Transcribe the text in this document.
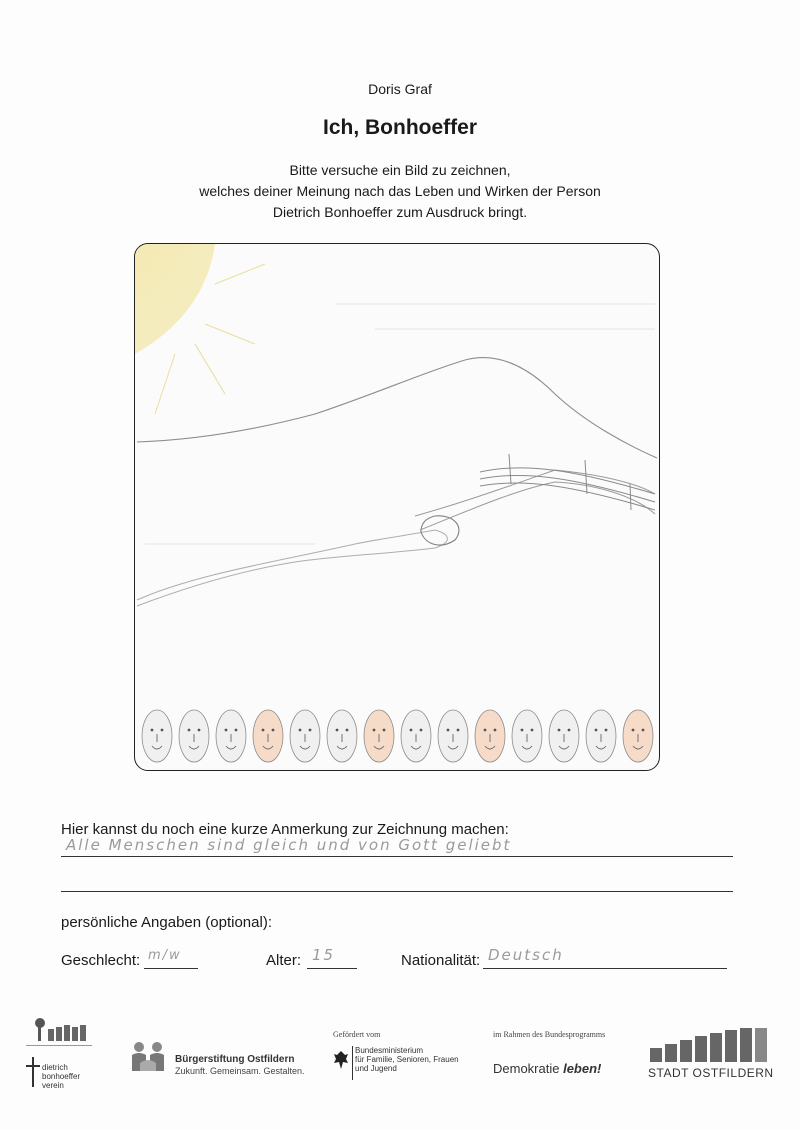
Doris Graf
Ich, Bonhoeffer
Bitte versuche ein Bild zu zeichnen,
welches deiner Meinung nach das Leben und Wirken der Person
Dietrich Bonhoeffer zum Ausdruck bringt.
Hier kannst du noch eine kurze Anmerkung zur Zeichnung machen:
Alle Menschen sind gleich und von Gott geliebt
persönliche Angaben (optional):
Geschlecht: m/w	Alter: 15	Nationalität: Deutsch
dietrich
bonhoeffer
verein
Bürgerstiftung Ostfildern
Zukunft. Gemeinsam. Gestalten.
Gefördert vom
Bundesministerium
für Familie, Senioren, Frauen
und Jugend
im Rahmen des Bundesprogramms
Demokratie leben!	STADT OSTFILDERN
